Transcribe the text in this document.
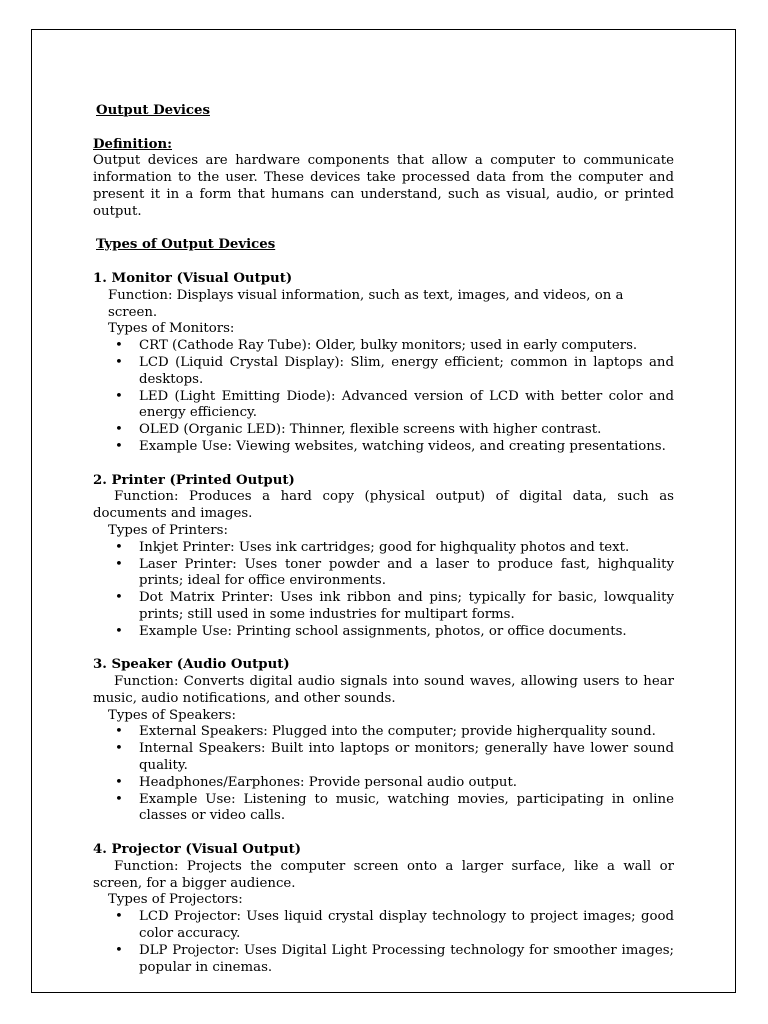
Output Devices
Definition:

Output devices are hardware components that allow a computer to communicate information to the user. These devices take processed data from the computer and present it in a form that humans can understand, such as visual, audio, or printed output.

Types of Output Devices
1. Monitor (Visual Output)
Function: Displays visual information, such as text, images, and videos, on a screen.
Types of Monitors:
• CRT (Cathode Ray Tube): Older, bulky monitors; used in early computers.
• LCD (Liquid Crystal Display): Slim, energy efficient; common in laptops and desktops.
• LED (Light Emitting Diode): Advanced version of LCD with better color and energy efficiency.
• OLED (Organic LED): Thinner, flexible screens with higher contrast.
• Example Use: Viewing websites, watching videos, and creating presentations.
2. Printer (Printed Output)
Function: Produces a hard copy (physical output) of digital data, such as documents and images.
Types of Printers:
• Inkjet Printer: Uses ink cartridges; good for highquality photos and text.
• Laser Printer: Uses toner powder and a laser to produce fast, highquality prints; ideal for office environments.
• Dot Matrix Printer: Uses ink ribbon and pins; typically for basic, lowquality prints; still used in some industries for multipart forms.
• Example Use: Printing school assignments, photos, or office documents.
3. Speaker (Audio Output)
Function: Converts digital audio signals into sound waves, allowing users to hear music, audio notifications, and other sounds.
Types of Speakers:
• External Speakers: Plugged into the computer; provide higherquality sound.
• Internal Speakers: Built into laptops or monitors; generally have lower sound quality.
• Headphones/Earphones: Provide personal audio output.
• Example Use: Listening to music, watching movies, participating in online classes or video calls.
4. Projector (Visual Output)
Function: Projects the computer screen onto a larger surface, like a wall or screen, for a bigger audience.
Types of Projectors:
• LCD Projector: Uses liquid crystal display technology to project images; good color accuracy.
• DLP Projector: Uses Digital Light Processing technology for smoother images; popular in cinemas.
